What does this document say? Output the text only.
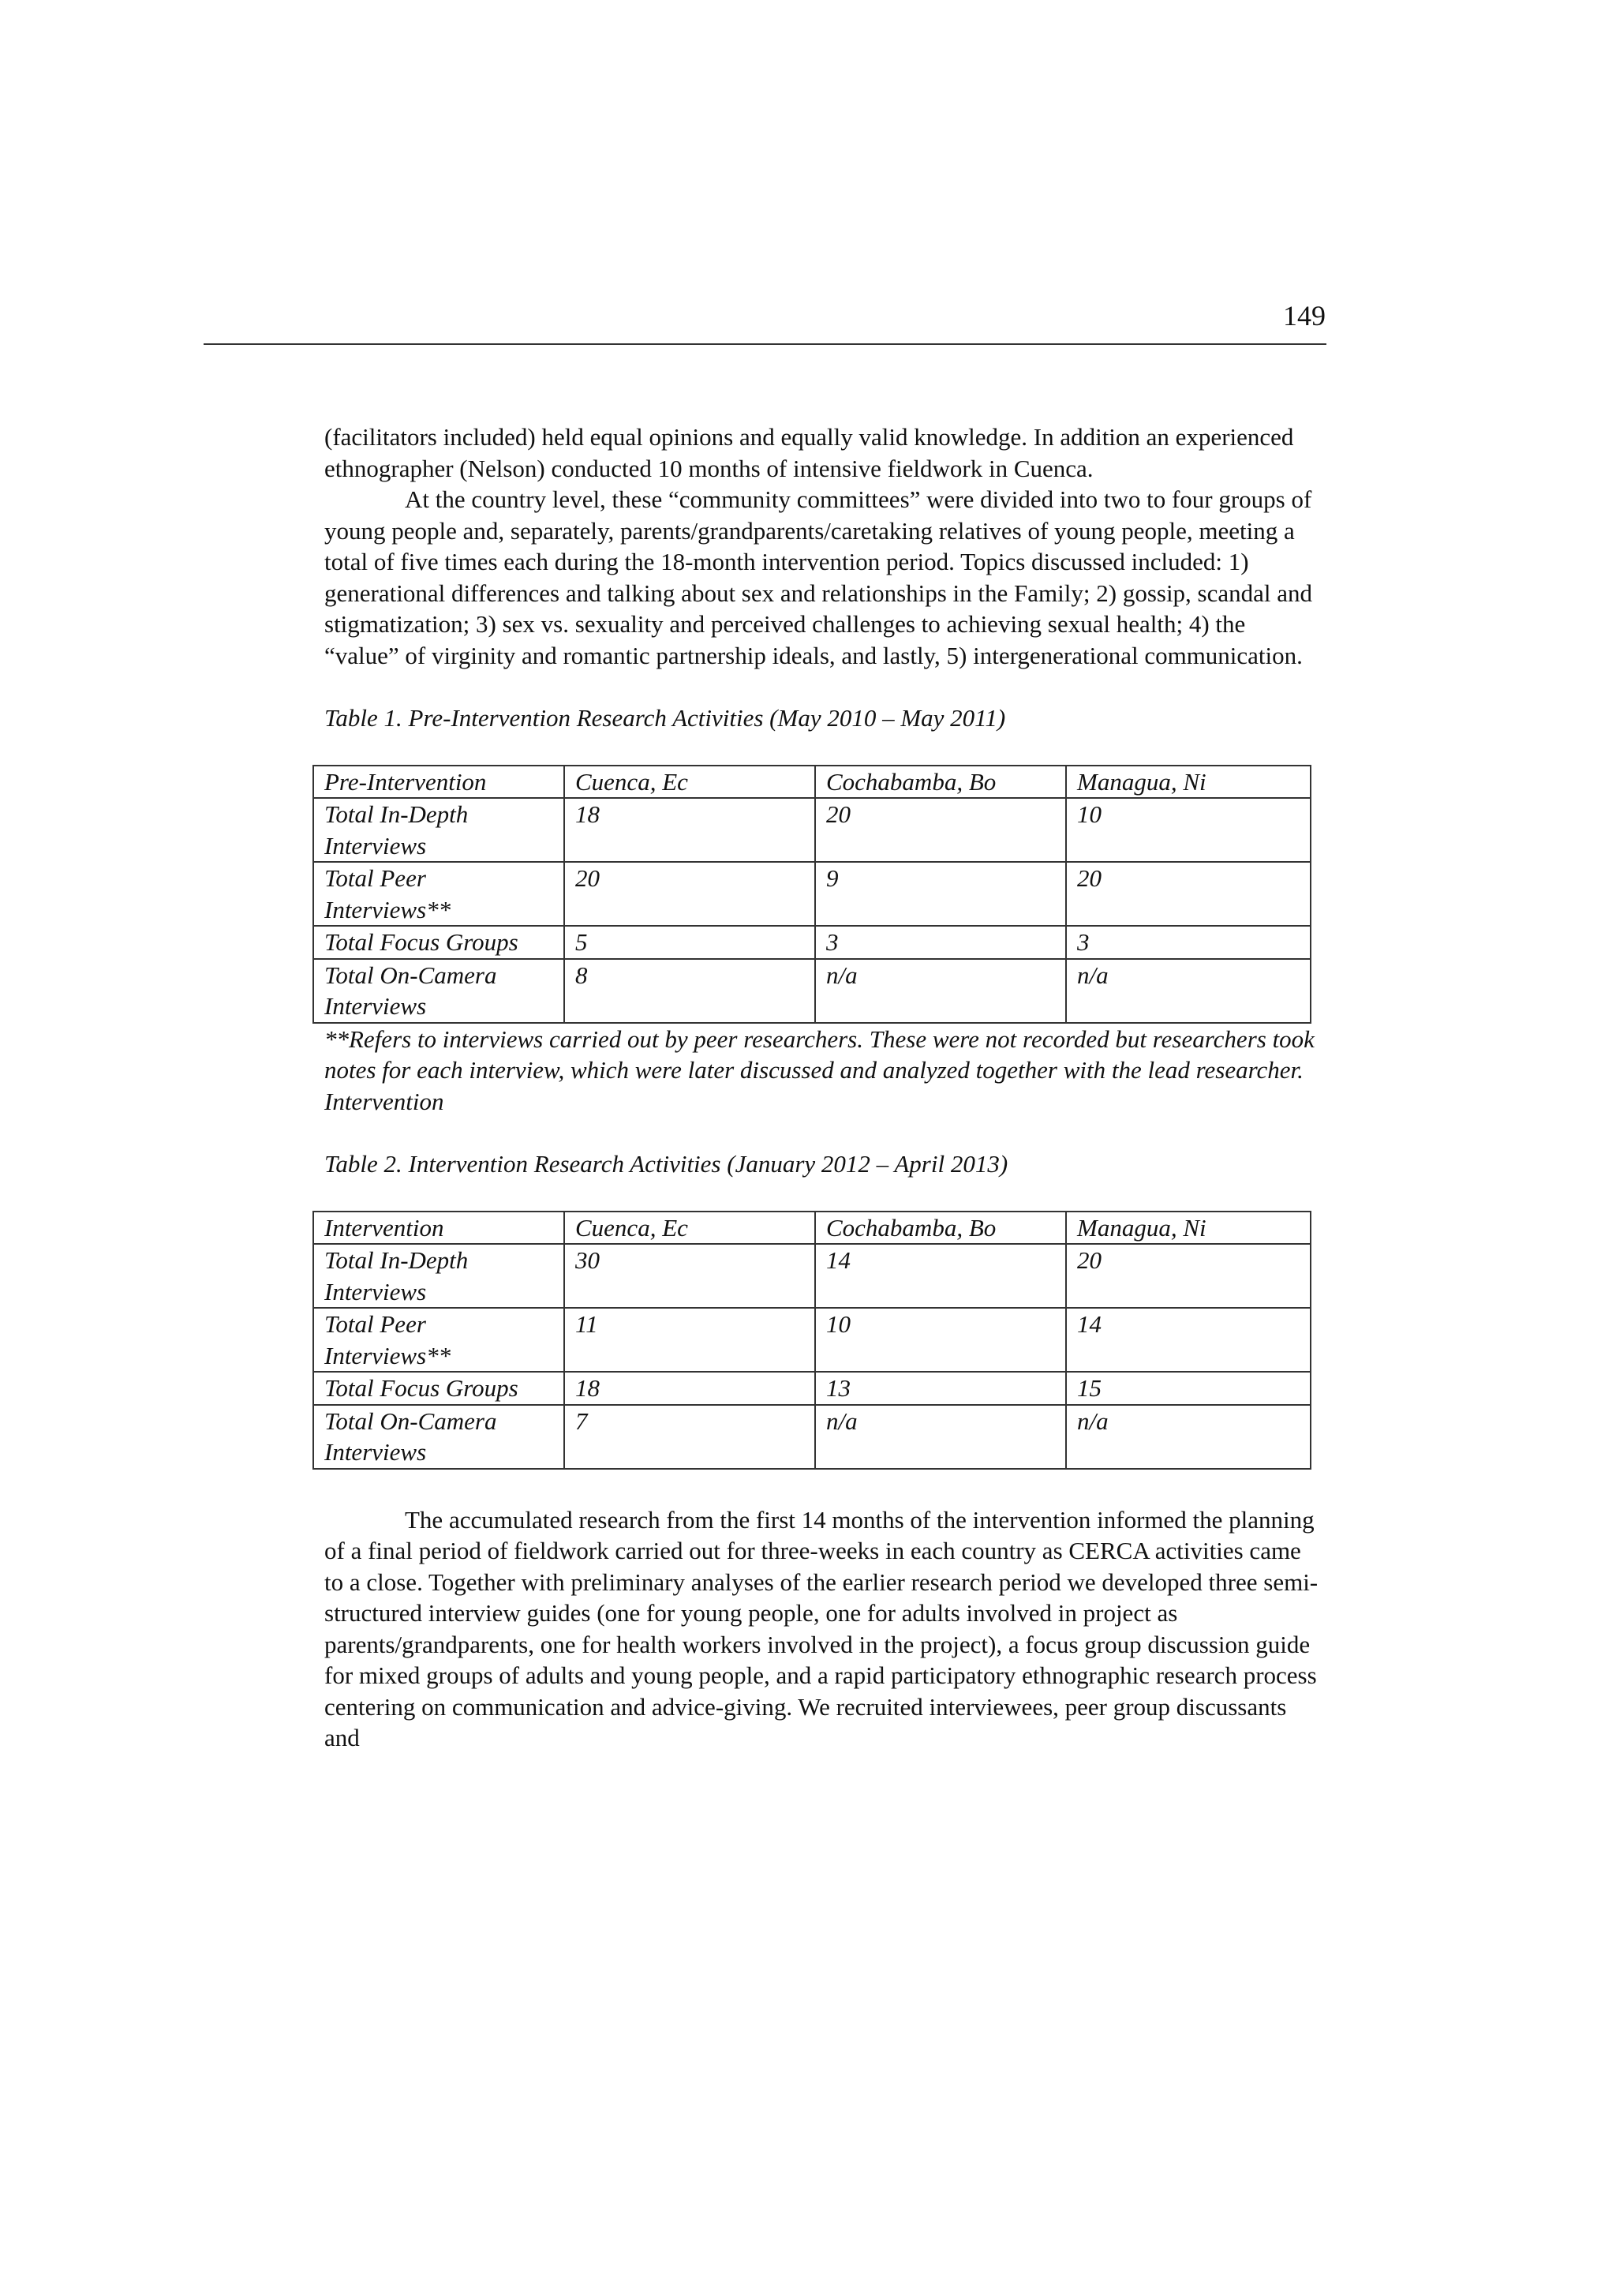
149

(facilitators included) held equal opinions and equally valid knowledge. In addition an experienced ethnographer (Nelson) conducted 10 months of intensive fieldwork in Cuenca.

At the country level, these “community committees” were divided into two to four groups of young people and, separately, parents/grandparents/caretaking relatives of young people, meeting a total of five times each during the 18-month intervention period. Topics discussed included: 1) generational differences and talking about sex and relationships in the Family; 2) gossip, scandal and stigmatization; 3) sex vs. sexuality and perceived challenges to achieving sexual health; 4) the “value” of virginity and romantic partnership ideals, and lastly, 5) intergenerational communication.

Table 1. Pre-Intervention Research Activities (May 2010 – May 2011)

Pre-Intervention	Cuenca, Ec	Cochabamba, Bo	Managua, Ni
Total In-Depth Interviews	18	20	10
Total Peer Interviews**	20	9	20
Total Focus Groups	5	3	3
Total On-Camera Interviews	8	n/a	n/a

**Refers to interviews carried out by peer researchers. These were not recorded but researchers took notes for each interview, which were later discussed and analyzed together with the lead researcher.

Intervention

Table 2. Intervention Research Activities (January 2012 – April 2013)

Intervention	Cuenca, Ec	Cochabamba, Bo	Managua, Ni
Total In-Depth Interviews	30	14	20
Total Peer Interviews**	11	10	14
Total Focus Groups	18	13	15
Total On-Camera Interviews	7	n/a	n/a

The accumulated research from the first 14 months of the intervention informed the planning of a final period of fieldwork carried out for three-weeks in each country as CERCA activities came to a close. Together with preliminary analyses of the earlier research period we developed three semi-structured interview guides (one for young people, one for adults involved in project as parents/grandparents, one for health workers involved in the project), a focus group discussion guide for mixed groups of adults and young people, and a rapid participatory ethnographic research process centering on communication and advice-giving. We recruited interviewees, peer group discussants and
